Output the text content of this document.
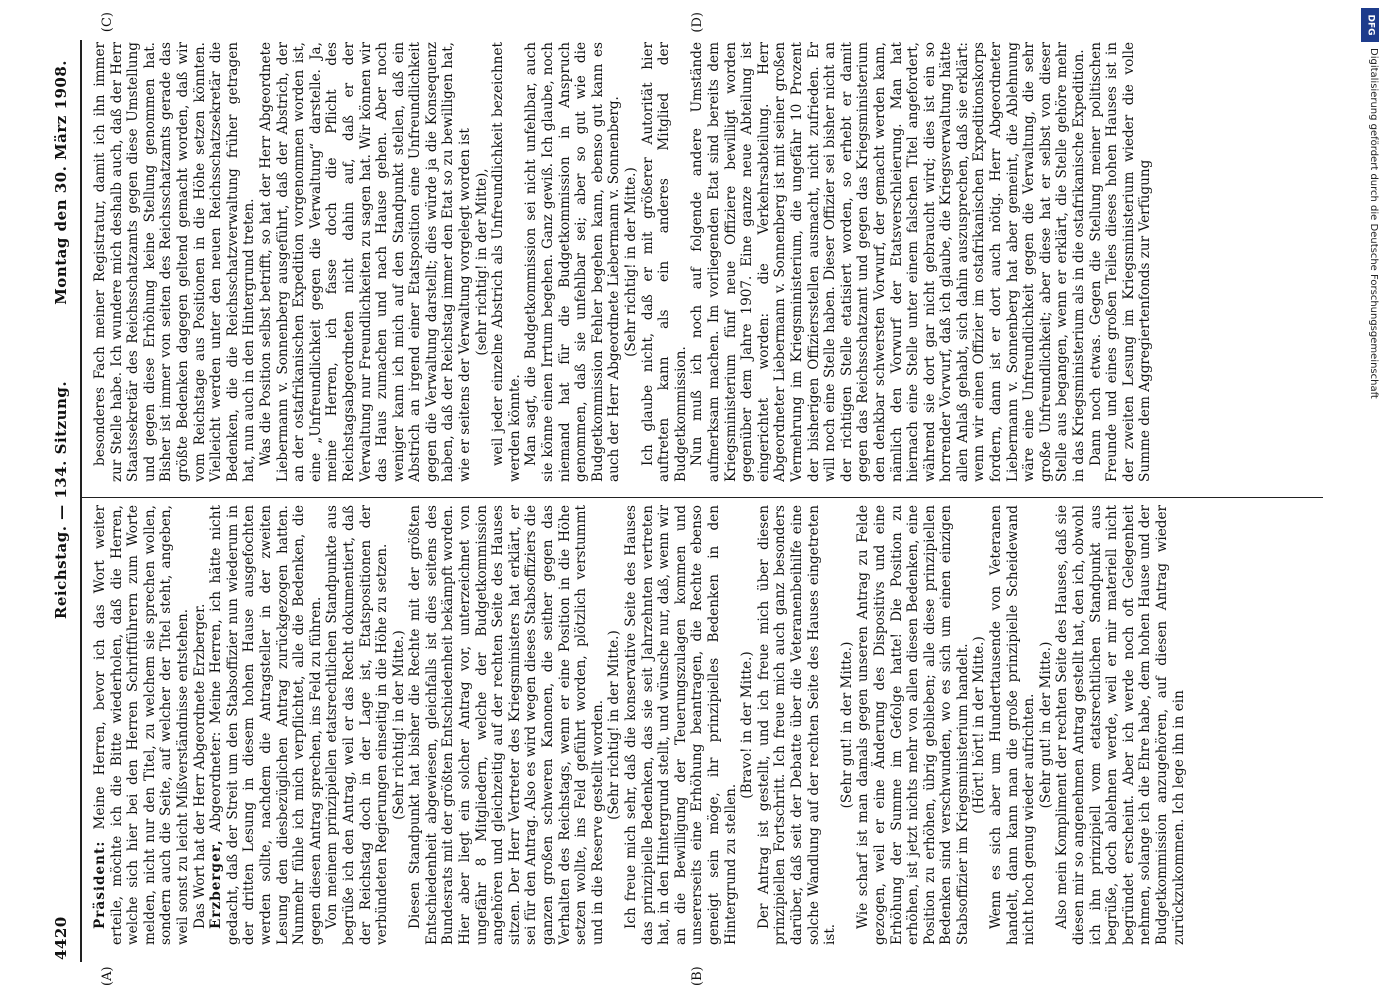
4420
Reichstag. — 134. Sitzung.
Montag den 30. März 1908.
(A)	(B)
(C)	(D)

Präsident: Meine Herren, bevor ich das Wort weiter erteile, möchte ich die Bitte wiederholen, daß die Herren, welche sich hier bei den Herren Schriftführern zum Worte melden, nicht nur den Titel, zu welchem sie sprechen wollen, sondern auch die Seite, auf welcher der Titel steht, angeben, weil sonst zu leicht Mißverständnisse entstehen. Das Wort hat der Herr Abgeordnete Erzberger. Erzberger, Abgeordneter: Meine Herren, ich hätte nicht gedacht, daß der Streit um den Stabsoffizier nun wiederum in der dritten Lesung in diesem hohen Hause ausgefochten werden sollte, nachdem die Antragsteller in der zweiten Lesung den diesbezüglichen Antrag zurückgezogen hatten. Nunmehr fühle ich mich verpflichtet, alle die Bedenken, die gegen diesen Antrag sprechen, ins Feld zu führen. Von meinem prinzipiellen etatsrechtlichen Standpunkte aus begrüße ich den Antrag, weil er das Recht dokumentiert, daß der Reichstag doch in der Lage ist, Etatspositionen der verbündeten Regierungen einseitig in die Höhe zu setzen. (Sehr richtig! in der Mitte.) Diesen Standpunkt hat bisher die Rechte mit der größten Entschiedenheit abgewiesen, gleichfalls ist dies seitens des Bundesrats mit der größten Entschiedenheit bekämpft worden. Hier aber liegt ein solcher Antrag vor, unterzeichnet von ungefähr 8 Mitgliedern, welche der Budgetkommission angehören und gleichzeitig auf der rechten Seite des Hauses sitzen. Der Herr Vertreter des Kriegsministers hat erklärt, er sei für den Antrag. Also es wird wegen dieses Stabsoffiziers die ganzen großen schweren Kanonen, die seither gegen das Verhalten des Reichstags, wenn er eine Position in die Höhe setzen wollte, ins Feld geführt worden, plötzlich verstummt und in die Reserve gestellt worden. (Sehr richtig! in der Mitte.) Ich freue mich sehr, daß die konservative Seite des Hauses das prinzipielle Bedenken, das sie seit Jahrzehnten vertreten hat, in den Hintergrund stellt, und wünsche nur, daß, wenn wir an die Bewilligung der Teuerungszulagen kommen und unsererseits eine Erhöhung beantragen, die Rechte ebenso geneigt sein möge, ihr prinzipielles Bedenken in den Hintergrund zu stellen.

(Bravo! in der Mitte.) Der Antrag ist gestellt, und ich freue mich über diesen prinzipiellen Fortschritt. Ich freue mich auch ganz besonders darüber, daß seit der Debatte über die Veteranenbeihilfe eine solche Wandlung auf der rechten Seite des Hauses eingetreten ist.

(Sehr gut! in der Mitte.) Wie scharf ist man damals gegen unseren Antrag zu Felde gezogen, weil er eine Änderung des Dispositivs und eine Erhöhung der Summe im Gefolge hatte! Die Position zu erhöhen, ist jetzt nichts mehr von allen diesen Bedenken, eine Position zu erhöhen, übrig geblieben; alle diese prinzipiellen Bedenken sind verschwunden, wo es sich um einen einzigen Stabsoffizier im Kriegsministerium handelt. (Hört! hört! in der Mitte.) Wenn es sich aber um Hunderttausende von Veteranen handelt, dann kann man die große prinzipielle Scheidewand nicht hoch genug wieder aufrichten. (Sehr gut! in der Mitte.) Also mein Kompliment der rechten Seite des Hauses, daß sie diesen mir so angenehmen Antrag gestellt hat, den ich, obwohl ich ihn prinzipiell vom etatsrechtlichen Standpunkt aus begrüße, doch ablehnen werde, weil er mir materiell nicht begründet erscheint. Aber ich werde noch oft Gelegenheit nehmen, solange ich die Ehre habe, dem hohen Hause und der Budgetkommission anzugehören, auf diesen Antrag wieder zurückzukommen. Ich lege ihn in ein

besonderes Fach meiner Registratur, damit ich ihn immer zur Stelle habe. Ich wundere mich deshalb auch, daß der Herr Staatssekretär des Reichsschatzamts gegen diese Umstellung und gegen diese Erhöhung keine Stellung genommen hat. Bisher ist immer von seiten des Reichsschatzamts gerade das größte Bedenken dagegen geltend gemacht worden, daß wir vom Reichstage aus Positionen in die Höhe setzen könnten. Vielleicht werden unter den neuen Reichsschatzsekretär die Bedenken, die die Reichsschatzverwaltung früher getragen hat, nun auch in den Hintergrund treten. Was die Position selbst betrifft, so hat der Herr Abgeordnete Liebermann v. Sonnenberg ausgeführt, daß der Abstrich, der an der ostafrikanischen Expedition vorgenommen worden ist, eine „Unfreundlichkeit gegen die Verwaltung“ darstelle. Ja, meine Herren, ich fasse doch die Pflicht des Reichstagsabgeordneten nicht dahin auf, daß er der Verwaltung nur Freundlichkeiten zu sagen hat. Wir können wir das Haus zumachen und nach Hause gehen. Aber noch weniger kann ich mich auf den Standpunkt stellen, daß ein Abstrich an irgend einer Etatsposition eine Unfreundlichkeit gegen die Verwaltung darstellt; dies würde ja die Konsequenz haben, daß der Reichstag immer den Etat so zu bewilligen hat, wie er seitens der Verwaltung vorgelegt worden ist (sehr richtig! in der Mitte), weil jeder einzelne Abstrich als Unfreundlichkeit bezeichnet werden könnte. Man sagt, die Budgetkommission sei nicht unfehlbar, auch sie könne einen Irrtum begehen. Ganz gewiß. Ich glaube, noch niemand hat für die Budgetkommission in Anspruch genommen, daß sie unfehlbar sei; aber so gut wie die Budgetkommission Fehler begehen kann, ebenso gut kann es auch der Herr Abgeordnete Liebermann v. Sonnenberg. (Sehr richtig! in der Mitte.) Ich glaube nicht, daß er mit größerer Autorität hier auftreten kann als ein anderes Mitglied der Budgetkommission. Nun muß ich noch auf folgende andere Umstände aufmerksam machen. Im vorliegenden Etat sind bereits dem Kriegsministerium fünf neue Offiziere bewilligt worden gegenüber dem Jahre 1907. Eine ganze neue Abteilung ist eingerichtet worden: die Verkehrsabteilung. Herr Abgeordneter Liebermann v. Sonnenberg ist mit seiner großen Vermehrung im Kriegsministerium, die ungefähr 10 Prozent der bisherigen Offiziersstellen ausmacht, nicht zufrieden. Er will noch eine Stelle haben. Dieser Offizier sei bisher nicht an der richtigen Stelle etatisiert worden, so erhebt er damit gegen das Reichsschatzamt und gegen das Kriegsministerium den denkbar schwersten Vorwurf, der gemacht werden kann, nämlich den Vorwurf der Etatsverschleierung. Man hat hiernach eine Stelle unter einem falschen Titel angefordert, während sie dort gar nicht gebraucht wird; dies ist ein so horrender Vorwurf, daß ich glaube, die Kriegsverwaltung hätte allen Anlaß gehabt, sich dahin auszusprechen, daß sie erklärt: wenn wir einen Offizier im ostafrikanischen Expeditionskorps fordern, dann ist er dort auch nötig. Herr Abgeordneter Liebermann v. Sonnenberg hat aber gemeint, die Ablehnung wäre eine Unfreundlichkeit gegen die Verwaltung, die sehr große Unfreundlichkeit; aber diese hat er selbst von dieser Stelle aus begangen, wenn er erklärt, die Stelle gehöre mehr in das Kriegsministerium als in die ostafrikanische Expedition. Dann noch etwas. Gegen die Stellung meiner politischen Freunde und eines großen Teiles dieses hohen Hauses ist in der zweiten Lesung im Kriegsministerium wieder die volle Summe dem Aggregiertenfonds zur Verfügung

DFG
Digitalisierung gefördert durch die Deutsche Forschungsgemeinschaft
